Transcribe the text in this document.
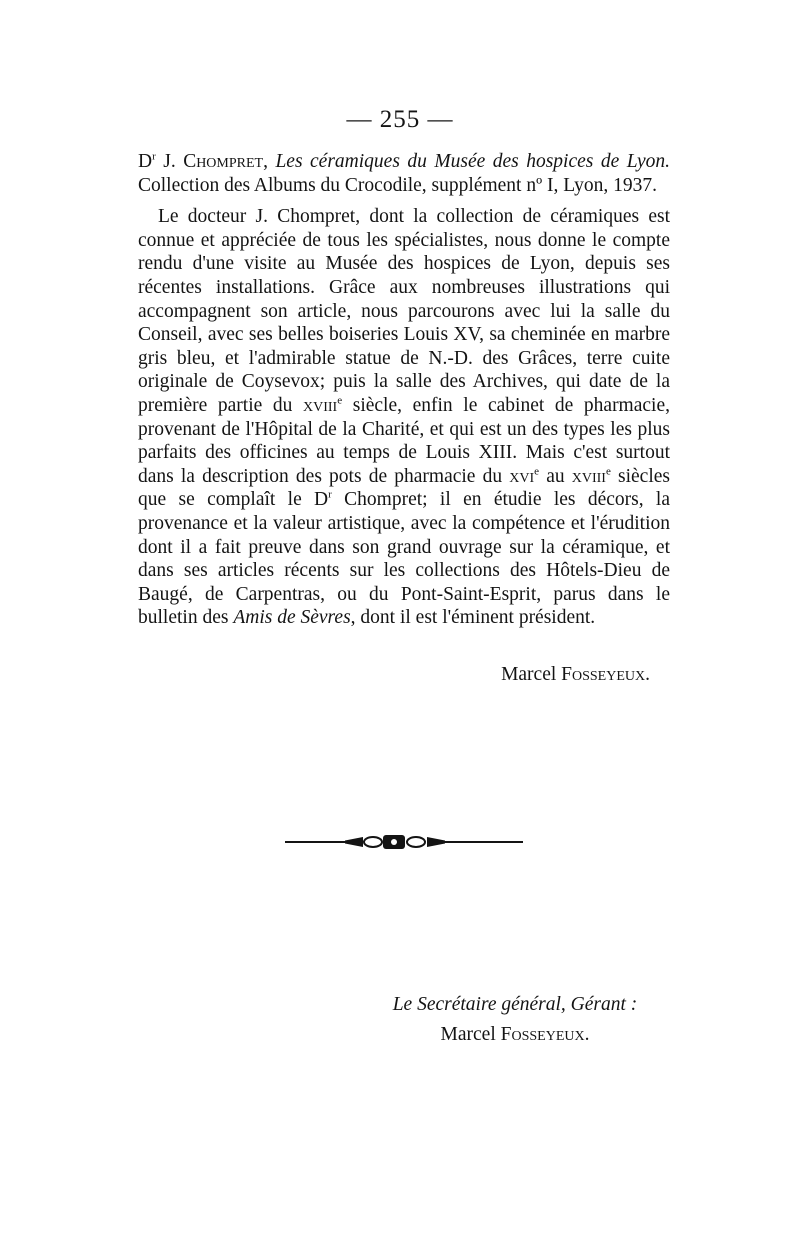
— 255 —

$D^r$ J. Chompret, Les céramiques du Musée des hospices de Lyon. Collection des Albums du Crocodile, supplément nº I, Lyon, 1937.

Le docteur J. Chompret, dont la collection de céramiques est connue et appréciée de tous les spécialistes, nous donne le compte rendu d'une visite au Musée des hospices de Lyon, depuis ses récentes installations. Grâce aux nombreuses illustrations qui accompagnent son article, nous parcourons avec lui la salle du Conseil, avec ses belles boiseries Louis XV, sa cheminée en marbre gris bleu, et l'admirable statue de N.-D. des Grâces, terre cuite originale de Coysevox; puis la salle des Archives, qui date de la première partie du xviii$^e$ siècle, enfin le cabinet de pharmacie, provenant de l'Hôpital de la Charité, et qui est un des types les plus parfaits des officines au temps de Louis XIII. Mais c'est surtout dans la description des pots de pharmacie du xvi$^e$ au xviii$^e$ siècles que se complaît le $D^r$ Chompret; il en étudie les décors, la provenance et la valeur artistique, avec la compétence et l'érudition dont il a fait preuve dans son grand ouvrage sur la céramique, et dans ses articles récents sur les collections des Hôtels-Dieu de Baugé, de Carpentras, ou du Pont-Saint-Esprit, parus dans le bulletin des Amis de Sèvres, dont il est l'éminent président.

Marcel Fosseyeux.
Le Secrétaire général, Gérant :
Marcel Fosseyeux.
